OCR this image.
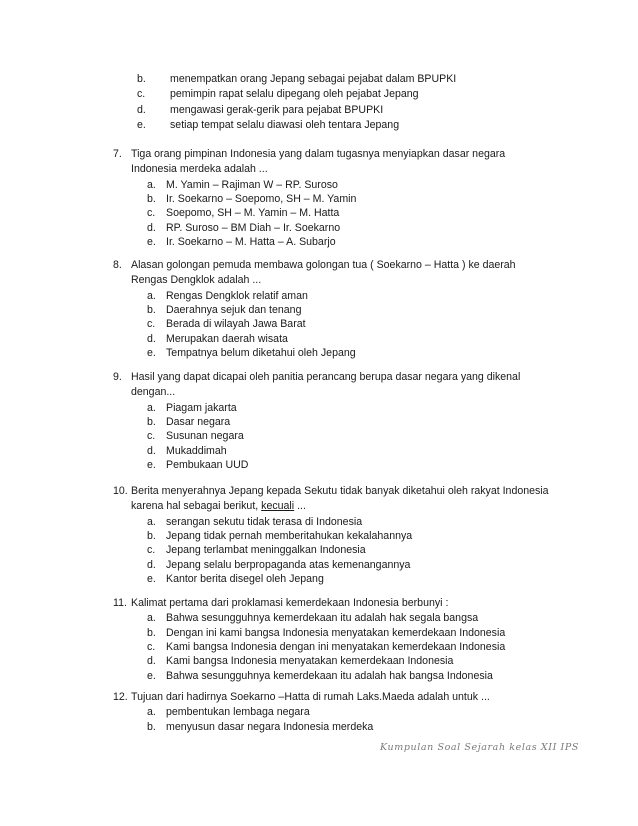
b. menempatkan orang Jepang sebagai pejabat dalam BPUPKI
c. pemimpin rapat selalu dipegang oleh pejabat Jepang
d. mengawasi gerak-gerik para pejabat BPUPKI
e. setiap tempat selalu diawasi oleh tentara Jepang
7. Tiga orang pimpinan Indonesia yang dalam tugasnya menyiapkan dasar negara
Indonesia merdeka adalah ...
a. M. Yamin – Rajiman W – RP. Suroso
b. Ir. Soekarno – Soepomo, SH – M. Yamin
c. Soepomo, SH – M. Yamin – M. Hatta
d. RP. Suroso – BM Diah – Ir. Soekarno
e. Ir. Soekarno – M. Hatta – A. Subarjo
8. Alasan golongan pemuda membawa golongan tua ( Soekarno – Hatta ) ke daerah
Rengas Dengklok adalah ...
a. Rengas Dengklok relatif aman
b. Daerahnya sejuk dan tenang
c. Berada di wilayah Jawa Barat
d. Merupakan daerah wisata
e. Tempatnya belum diketahui oleh Jepang
9. Hasil yang dapat dicapai oleh panitia perancang berupa dasar negara yang dikenal
dengan...
a. Piagam jakarta
b. Dasar negara
c. Susunan negara
d. Mukaddimah
e. Pembukaan UUD
10. Berita menyerahnya Jepang kepada Sekutu tidak banyak diketahui oleh rakyat Indonesia
karena hal sebagai berikut, kecuali ...
a. serangan sekutu tidak terasa di Indonesia
b. Jepang tidak pernah memberitahukan kekalahannya
c. Jepang terlambat meninggalkan Indonesia
d. Jepang selalu berpropaganda atas kemenangannya
e. Kantor berita disegel oleh Jepang
11. Kalimat pertama dari proklamasi kemerdekaan Indonesia berbunyi :
a. Bahwa sesungguhnya kemerdekaan itu adalah hak segala bangsa
b. Dengan ini kami bangsa Indonesia menyatakan kemerdekaan Indonesia
c. Kami bangsa Indonesia dengan ini menyatakan kemerdekaan Indonesia
d. Kami bangsa Indonesia menyatakan kemerdekaan Indonesia
e. Bahwa sesungguhnya kemerdekaan itu adalah hak bangsa Indonesia
12. Tujuan dari hadirnya Soekarno –Hatta di rumah Laks.Maeda adalah untuk ...
a. pembentukan lembaga negara
b. menyusun dasar negara Indonesia merdeka
Kumpulan Soal Sejarah kelas XII IPS
